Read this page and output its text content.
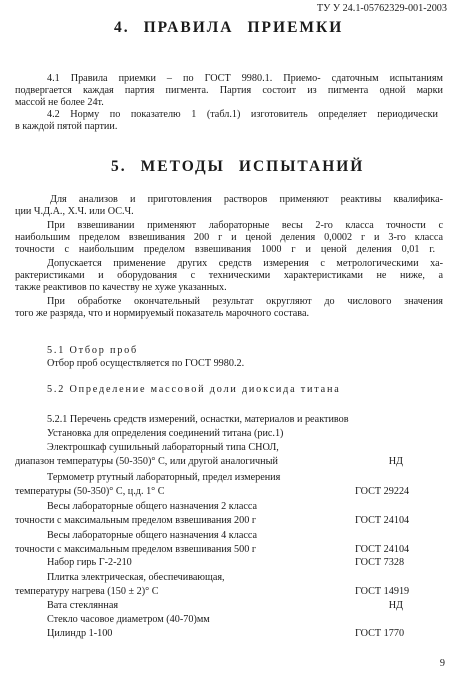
ТУ У 24.1-05762329-001-2003
4. ПРАВИЛА ПРИЕМКИ
4.1 Правила приемки – по ГОСТ 9980.1. Приемо- сдаточным испытаниям
подвергается каждая партия пигмента. Партия состоит из пигмента одной марки
массой не более 24т.
4.2 Норму по показателю 1 (табл.1) изготовитель определяет периодически
в каждой пятой партии.
5. МЕТОДЫ ИСПЫТАНИЙ
Для анализов и приготовления растворов применяют реактивы квалифика-
ции Ч.Д.А., Х.Ч. или ОС.Ч.
При взвешивании применяют лабораторные весы 2-го класса точности с
наибольшим пределом взвешивания 200 г и ценой деления 0,0002 г и 3-го класса
точности с наибольшим пределом взвешивания 1000 г и ценой деления 0,01 г.
Допускается применение других средств измерения с метрологическими ха-
рактеристиками и оборудования с техническими характеристиками не ниже, а
также реактивов по качеству не хуже указанных.
При обработке окончательный результат округляют до числового значения
того же разряда, что и нормируемый показатель марочного состава.
5.1 Отбор проб
Отбор проб осуществляется по ГОСТ 9980.2.
5.2 Определение массовой доли диоксида титана
5.2.1 Перечень средств измерений, оснастки, материалов и реактивов
Установка для определения соединений титана (рис.1)
Электрошкаф сушильный лабораторный типа СНОЛ,
диапазон температуры (50-350)° С, или другой аналогичный	НД
Термометр ртутный лабораторный, предел измерения
температуры (50-350)° С, ц.д. 1° С	ГОСТ 29224
Весы лабораторные общего назначения 2 класса
точности с максимальным пределом взвешивания 200 г	ГОСТ 24104
Весы лабораторные общего назначения 4 класса
точности с максимальным пределом взвешивания 500 г	ГОСТ 24104
Набор гирь Г-2-210	ГОСТ 7328
Плитка электрическая, обеспечивающая,
температуру нагрева (150 ± 2)° С	ГОСТ 14919
Вата стеклянная	НД
Стекло часовое диаметром (40-70)мм
Цилиндр 1-100	ГОСТ 1770
9
